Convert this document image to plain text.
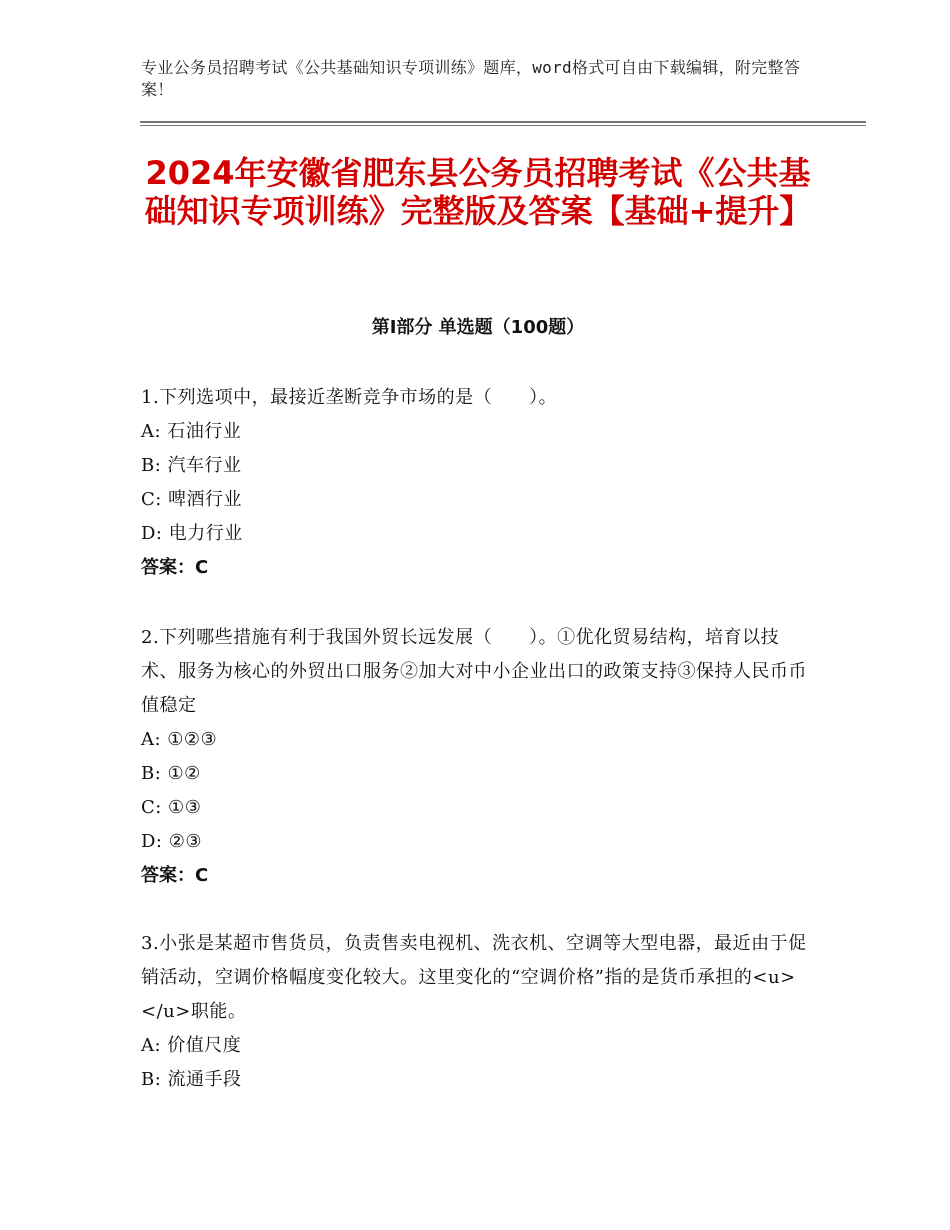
专业公务员招聘考试《公共基础知识专项训练》题库，word格式可自由下载编辑，附完整答案！
2024年安徽省肥东县公务员招聘考试《公共基础知识专项训练》完整版及答案【基础+提升】
第Ⅰ部分 单选题（100题）
1.下列选项中，最接近垄断竞争市场的是（　　）。
A: 石油行业
B: 汽车行业
C: 啤酒行业
D: 电力行业
答案：C
2.下列哪些措施有利于我国外贸长远发展（　　）。①优化贸易结构，培育以技术、服务为核心的外贸出口服务②加大对中小企业出口的政策支持③保持人民币币值稳定
A: ①②③
B: ①②
C: ①③
D: ②③
答案：C
3.小张是某超市售货员，负责售卖电视机、洗衣机、空调等大型电器，最近由于促销活动，空调价格幅度变化较大。这里变化的“空调价格”指的是货币承担的<u>　　　　　</u>职能。
A: 价值尺度
B: 流通手段
